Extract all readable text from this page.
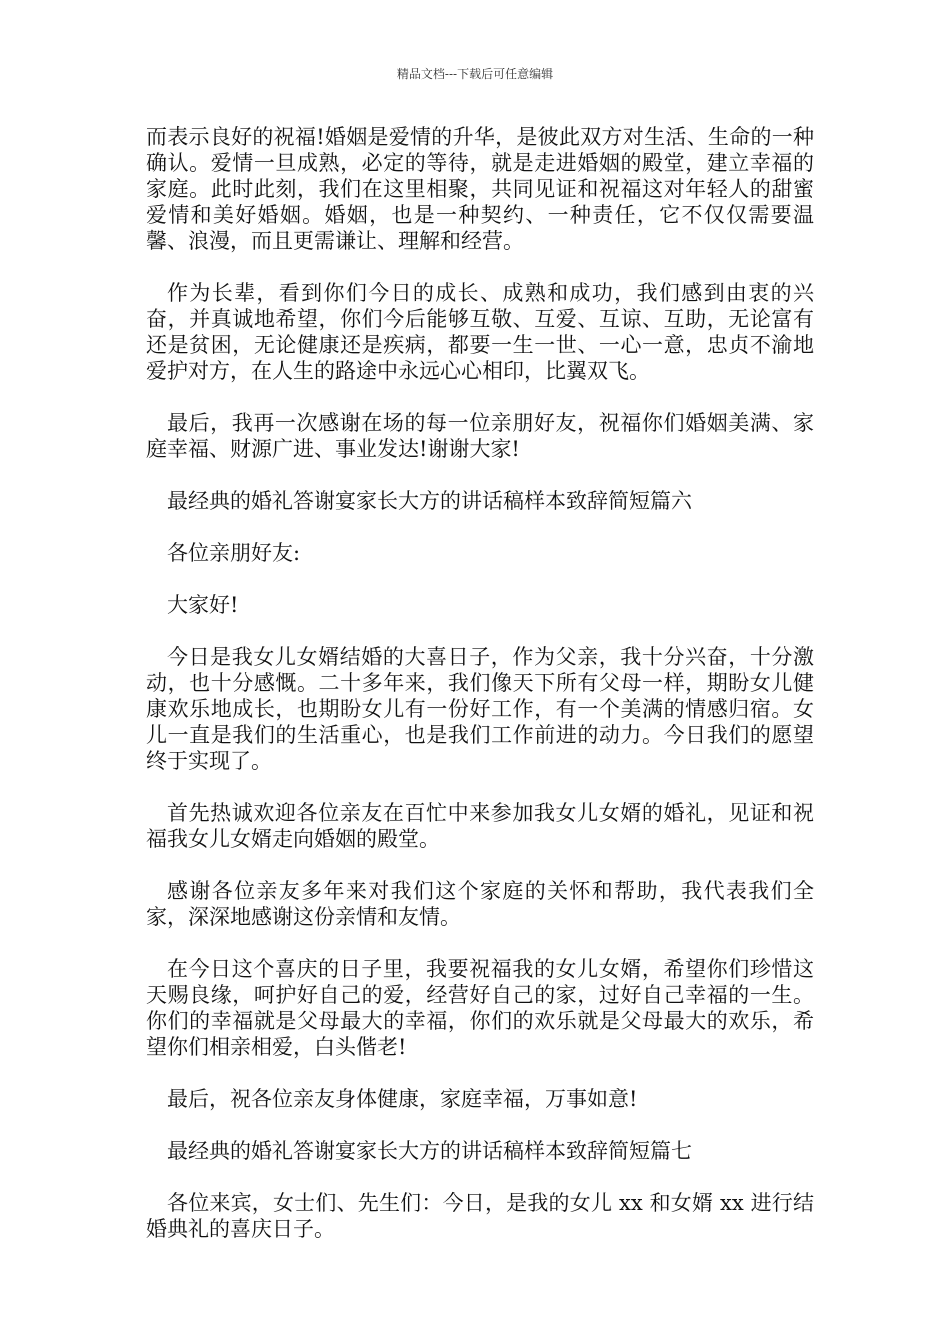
精品文档---下载后可任意编辑

而表示良好的祝福!婚姻是爱情的升华，是彼此双方对生活、生命的一种确认。爱情一旦成熟，必定的等待，就是走进婚姻的殿堂，建立幸福的家庭。此时此刻，我们在这里相聚，共同见证和祝福这对年轻人的甜蜜爱情和美好婚姻。婚姻，也是一种契约、一种责任，它不仅仅需要温馨、浪漫，而且更需谦让、理解和经营。

作为长辈，看到你们今日的成长、成熟和成功，我们感到由衷的兴奋，并真诚地希望，你们今后能够互敬、互爱、互谅、互助，无论富有还是贫困，无论健康还是疾病，都要一生一世、一心一意，忠贞不渝地爱护对方，在人生的路途中永远心心相印，比翼双飞。

最后，我再一次感谢在场的每一位亲朋好友，祝福你们婚姻美满、家庭幸福、财源广进、事业发达!谢谢大家!

最经典的婚礼答谢宴家长大方的讲话稿样本致辞简短篇六

各位亲朋好友:

大家好!

今日是我女儿女婿结婚的大喜日子，作为父亲，我十分兴奋，十分激动，也十分感慨。二十多年来，我们像天下所有父母一样，期盼女儿健康欢乐地成长，也期盼女儿有一份好工作，有一个美满的情感归宿。女儿一直是我们的生活重心，也是我们工作前进的动力。今日我们的愿望终于实现了。

首先热诚欢迎各位亲友在百忙中来参加我女儿女婿的婚礼，见证和祝福我女儿女婿走向婚姻的殿堂。

感谢各位亲友多年来对我们这个家庭的关怀和帮助，我代表我们全家，深深地感谢这份亲情和友情。

在今日这个喜庆的日子里，我要祝福我的女儿女婿，希望你们珍惜这天赐良缘，呵护好自己的爱，经营好自己的家，过好自己幸福的一生。你们的幸福就是父母最大的幸福，你们的欢乐就是父母最大的欢乐，希望你们相亲相爱，白头偕老!

最后，祝各位亲友身体健康，家庭幸福，万事如意!

最经典的婚礼答谢宴家长大方的讲话稿样本致辞简短篇七

各位来宾，女士们、先生们：今日，是我的女儿 xx 和女婿 xx 进行结婚典礼的喜庆日子。
